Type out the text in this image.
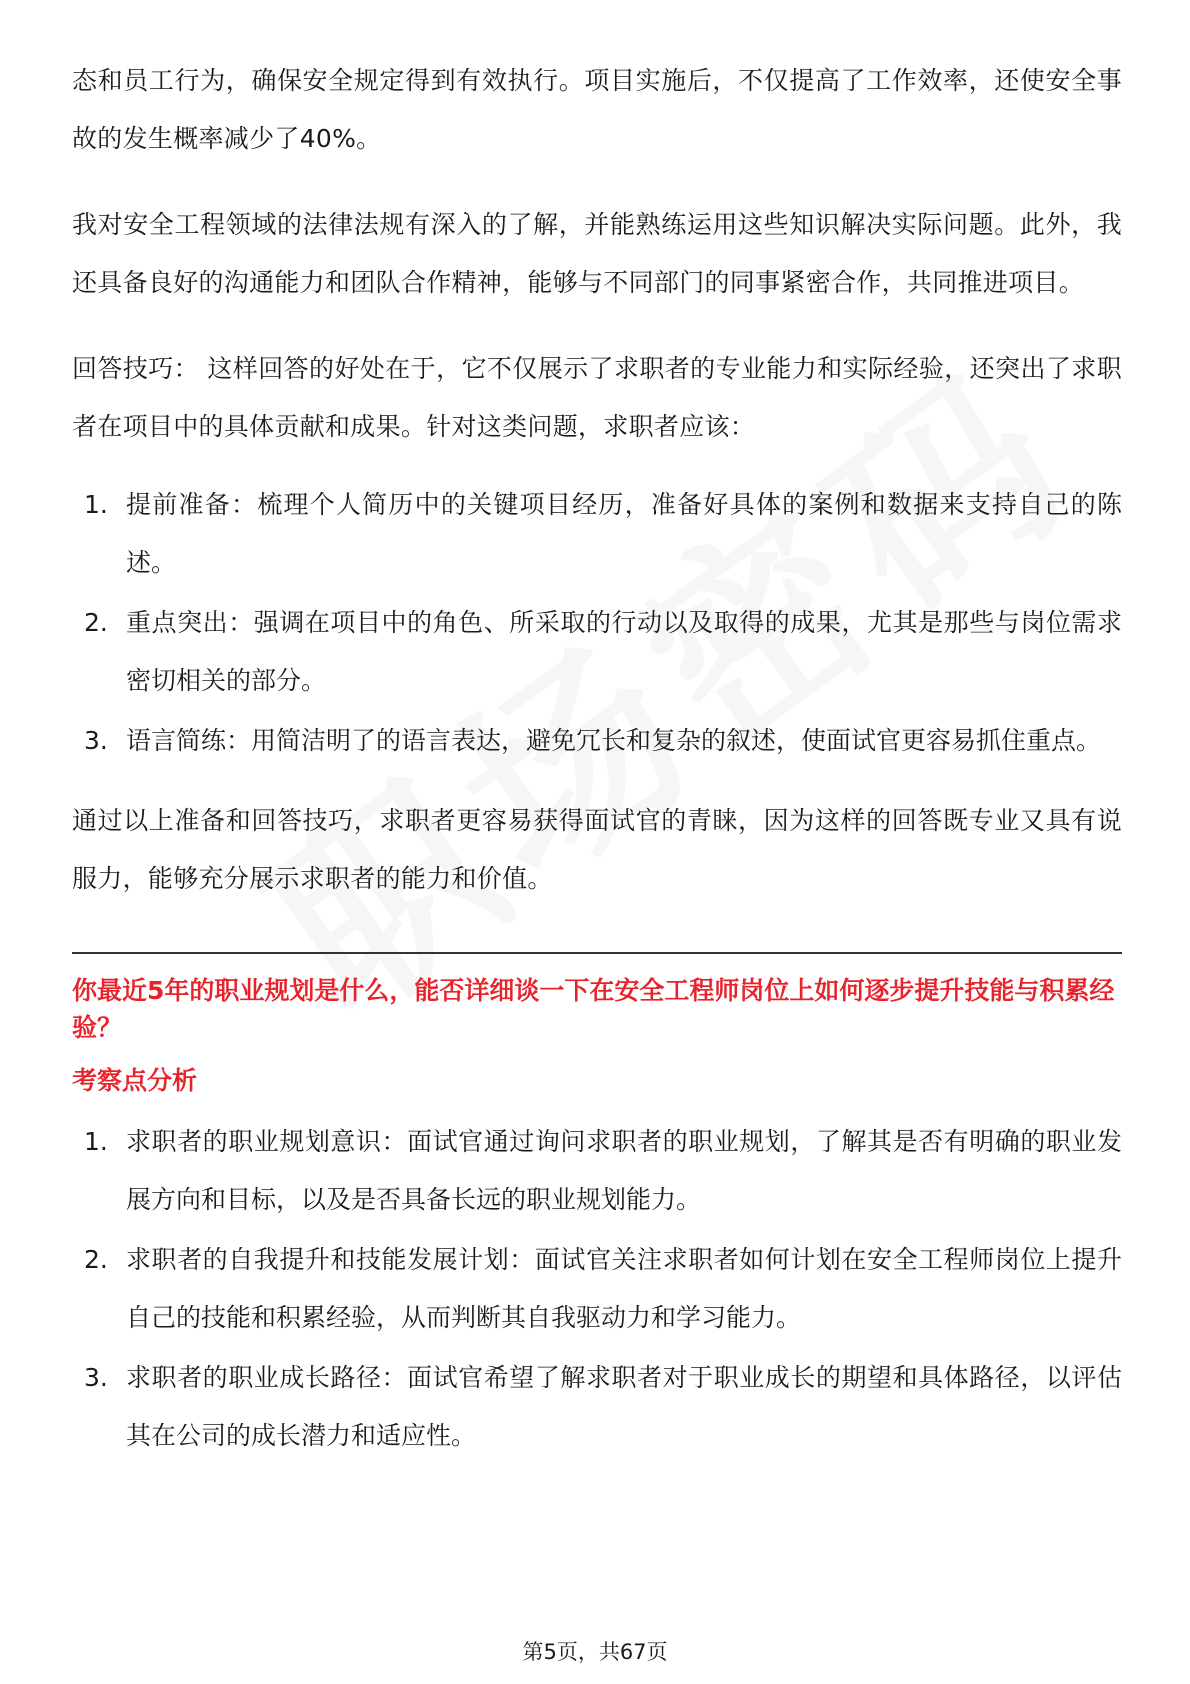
态和员工行为，确保安全规定得到有效执行。项目实施后，不仅提高了工作效率，还使安全事故的发生概率减少了40%。

我对安全工程领域的法律法规有深入的了解，并能熟练运用这些知识解决实际问题。此外，我还具备良好的沟通能力和团队合作精神，能够与不同部门的同事紧密合作，共同推进项目。

回答技巧： 这样回答的好处在于，它不仅展示了求职者的专业能力和实际经验，还突出了求职者在项目中的具体贡献和成果。针对这类问题，求职者应该：

1. 提前准备：梳理个人简历中的关键项目经历，准备好具体的案例和数据来支持自己的陈述。
2. 重点突出：强调在项目中的角色、所采取的行动以及取得的成果，尤其是那些与岗位需求密切相关的部分。
3. 语言简练：用简洁明了的语言表达，避免冗长和复杂的叙述，使面试官更容易抓住重点。

通过以上准备和回答技巧，求职者更容易获得面试官的青睐，因为这样的回答既专业又具有说服力，能够充分展示求职者的能力和价值。

你最近5年的职业规划是什么，能否详细谈一下在安全工程师岗位上如何逐步提升技能与积累经验？

考察点分析

1. 求职者的职业规划意识：面试官通过询问求职者的职业规划，了解其是否有明确的职业发展方向和目标，以及是否具备长远的职业规划能力。
2. 求职者的自我提升和技能发展计划：面试官关注求职者如何计划在安全工程师岗位上提升自己的技能和积累经验，从而判断其自我驱动力和学习能力。
3. 求职者的职业成长路径：面试官希望了解求职者对于职业成长的期望和具体路径，以评估其在公司的成长潜力和适应性。
第5页，共67页
